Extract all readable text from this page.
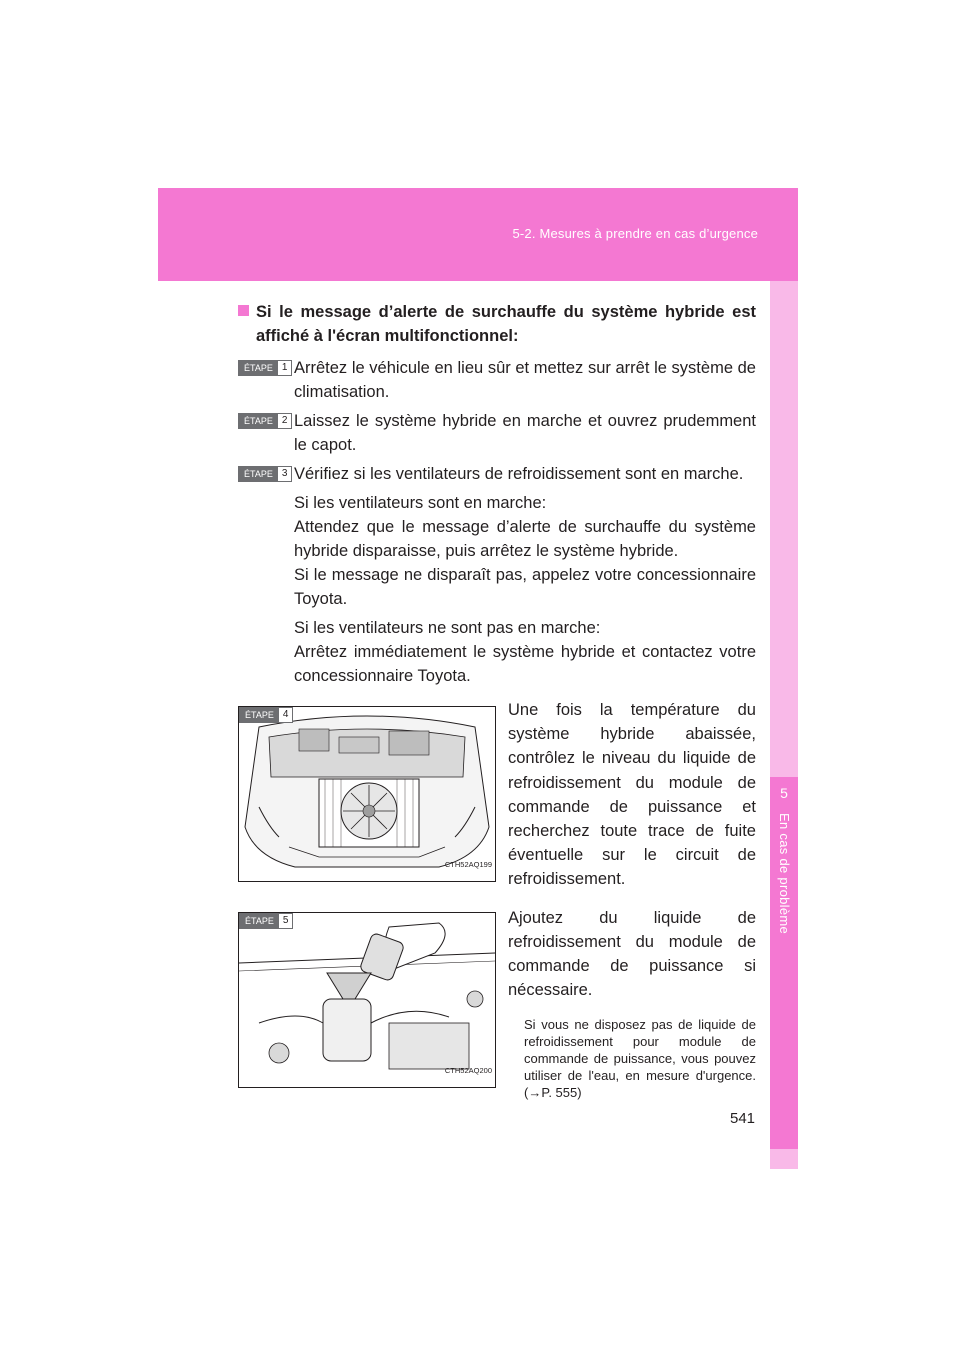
5-2. Mesures à prendre en cas d’urgence
5
En cas de problème
Si le message d’alerte de surchauffe du système hybride est affiché à l'écran multifonctionnel:
ÉTAPE 1 Arrêtez le véhicule en lieu sûr et mettez sur arrêt le système de climatisation.
ÉTAPE 2 Laissez le système hybride en marche et ouvrez prudemment le capot.
ÉTAPE 3 Vérifiez si les ventilateurs de refroidissement sont en marche.
Si les ventilateurs sont en marche:
Attendez que le message d’alerte de surchauffe du système hybride disparaisse, puis arrêtez le système hybride.
Si le message ne disparaît pas, appelez votre concessionnaire Toyota.
Si les ventilateurs ne sont pas en marche:
Arrêtez immédiatement le système hybride et contactez votre concessionnaire Toyota.
ÉTAPE 4
CTH52AQ199
Une fois la température du système hybride abaissée, contrôlez le niveau du liquide de refroidissement du module de commande de puissance et recherchez toute trace de fuite éventuelle sur le circuit de refroidissement.
ÉTAPE 5
CTH52AQ200
Ajoutez du liquide de refroidissement du module de commande de puissance si nécessaire.
Si vous ne disposez pas de liquide de refroidissement pour module de commande de puissance, vous pouvez utiliser de l'eau, en mesure d'urgence. (→P. 555)
541
